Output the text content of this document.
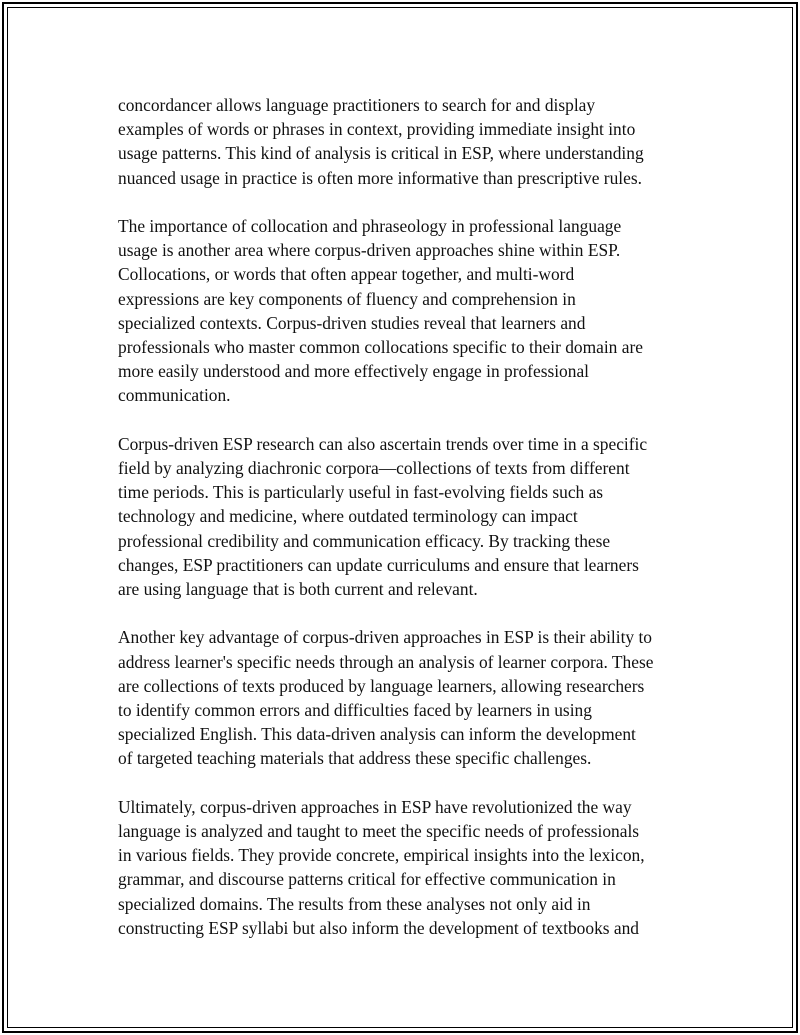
concordancer allows language practitioners to search for and display
examples of words or phrases in context, providing immediate insight into
usage patterns. This kind of analysis is critical in ESP, where understanding
nuanced usage in practice is often more informative than prescriptive rules.

The importance of collocation and phraseology in professional language
usage is another area where corpus-driven approaches shine within ESP.
Collocations, or words that often appear together, and multi-word
expressions are key components of fluency and comprehension in
specialized contexts. Corpus-driven studies reveal that learners and
professionals who master common collocations specific to their domain are
more easily understood and more effectively engage in professional
communication.

Corpus-driven ESP research can also ascertain trends over time in a specific
field by analyzing diachronic corpora—collections of texts from different
time periods. This is particularly useful in fast-evolving fields such as
technology and medicine, where outdated terminology can impact
professional credibility and communication efficacy. By tracking these
changes, ESP practitioners can update curriculums and ensure that learners
are using language that is both current and relevant.

Another key advantage of corpus-driven approaches in ESP is their ability to
address learner's specific needs through an analysis of learner corpora. These
are collections of texts produced by language learners, allowing researchers
to identify common errors and difficulties faced by learners in using
specialized English. This data-driven analysis can inform the development
of targeted teaching materials that address these specific challenges.

Ultimately, corpus-driven approaches in ESP have revolutionized the way
language is analyzed and taught to meet the specific needs of professionals
in various fields. They provide concrete, empirical insights into the lexicon,
grammar, and discourse patterns critical for effective communication in
specialized domains. The results from these analyses not only aid in
constructing ESP syllabi but also inform the development of textbooks and
